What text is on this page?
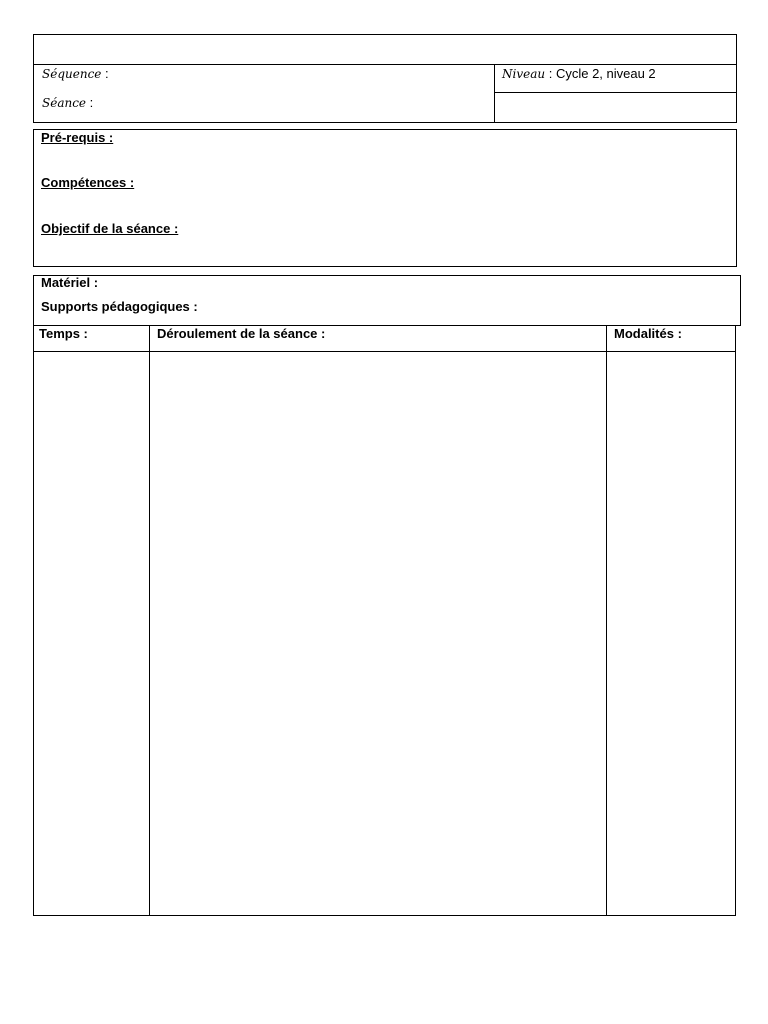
Séquence :
Séance :
Niveau : Cycle 2, niveau 2
Pré-requis :
Compétences :
Objectif de la séance :
Matériel :
Supports pédagogiques :
Temps :	Déroulement de la séance :	Modalités :
